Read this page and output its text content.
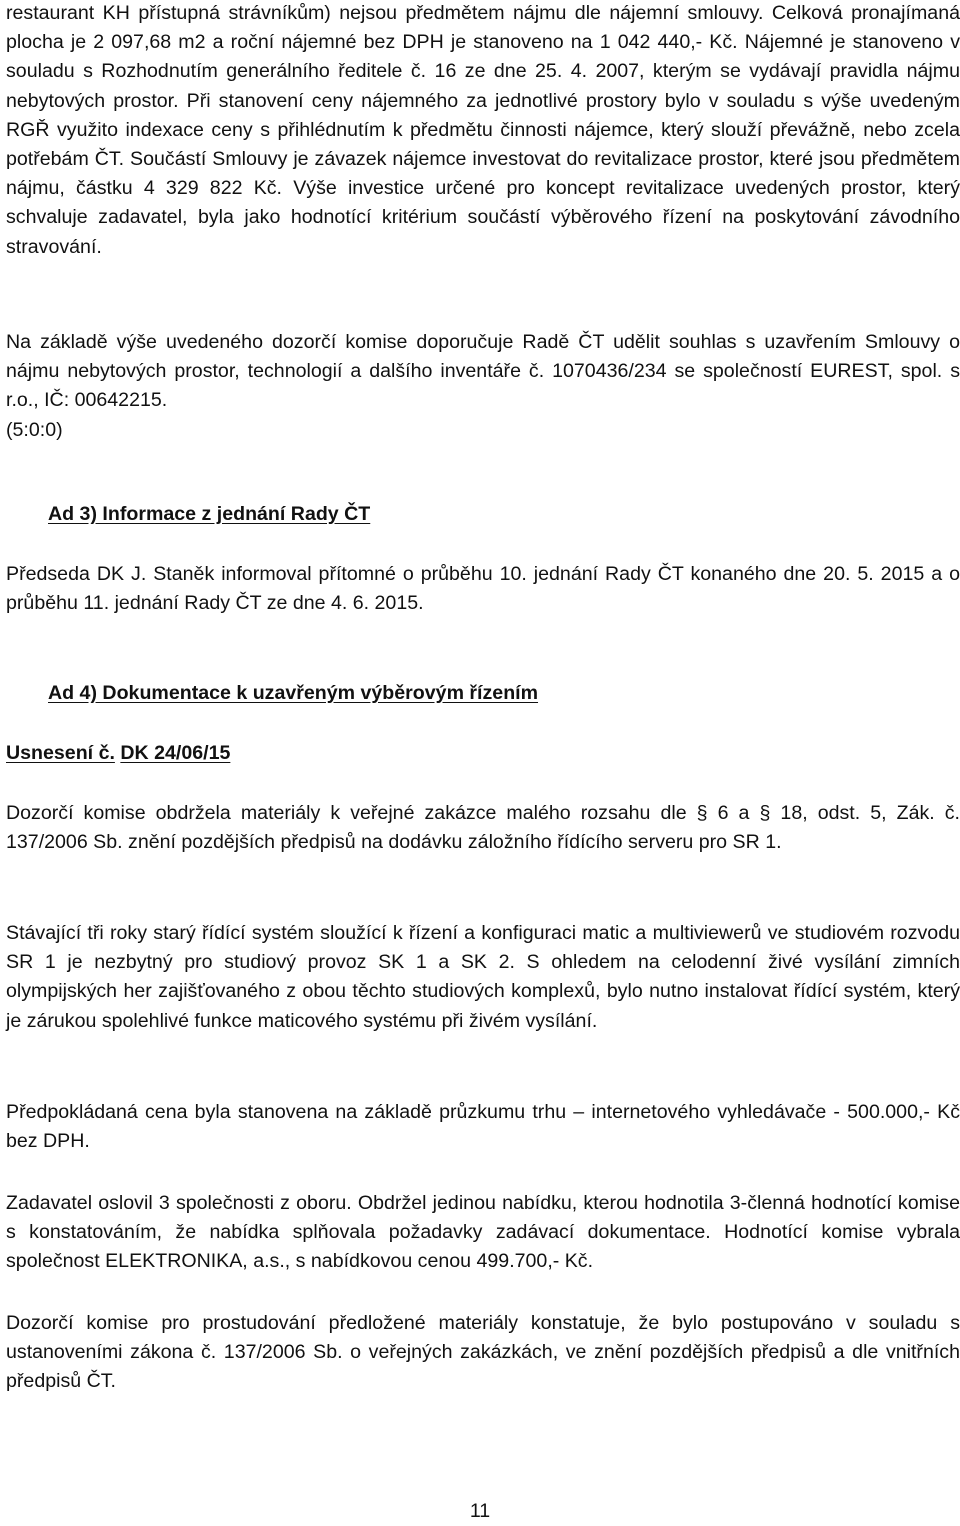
restaurant KH přístupná strávníkům) nejsou předmětem nájmu dle nájemní smlouvy. Celková pronajímaná plocha je 2 097,68 m2 a roční nájemné bez DPH je stanoveno na 1 042 440,- Kč. Nájemné je stanoveno v souladu s Rozhodnutím generálního ředitele č. 16 ze dne 25. 4. 2007, kterým se vydávají pravidla nájmu nebytových prostor. Při stanovení ceny nájemného za jednotlivé prostory bylo v souladu s výše uvedeným RGŘ využito indexace ceny s přihlédnutím k předmětu činnosti nájemce, který slouží převážně, nebo zcela potřebám ČT. Součástí Smlouvy je závazek nájemce investovat do revitalizace prostor, které jsou předmětem nájmu, částku 4 329 822 Kč. Výše investice určené pro koncept revitalizace uvedených prostor, který schvaluje zadavatel, byla jako hodnotící kritérium součástí výběrového řízení na poskytování závodního stravování.

Na základě výše uvedeného dozorčí komise doporučuje Radě ČT udělit souhlas s uzavřením Smlouvy o nájmu nebytových prostor, technologií a dalšího inventáře č. 1070436/234 se společností EUREST, spol. s r.o., IČ: 00642215.

(5:0:0)
Ad 3) Informace z jednání Rady ČT

Předseda DK J. Staněk informoval přítomné o průběhu 10. jednání Rady ČT konaného dne 20. 5. 2015 a o průběhu 11. jednání Rady ČT ze dne 4. 6. 2015.

Ad 4) Dokumentace k uzavřeným výběrovým řízením
Usnesení č. DK 24/06/15

Dozorčí komise obdržela materiály k veřejné zakázce malého rozsahu dle § 6 a § 18, odst. 5, Zák. č. 137/2006 Sb. znění pozdějších předpisů na dodávku záložního řídícího serveru pro SR 1.

Stávající tři roky starý řídící systém sloužící k řízení a konfiguraci matic a multiviewerů ve studiovém rozvodu SR 1 je nezbytný pro studiový provoz SK 1 a SK 2. S ohledem na celodenní živé vysílání zimních olympijských her zajišťovaného z obou těchto studiových komplexů, bylo nutno instalovat řídící systém, který je zárukou spolehlivé funkce maticového systému při živém vysílání.

Předpokládaná cena byla stanovena na základě průzkumu trhu – internetového vyhledávače - 500.000,- Kč bez DPH.

Zadavatel oslovil 3 společnosti z oboru. Obdržel jedinou nabídku, kterou hodnotila 3-členná hodnotící komise s konstatováním, že nabídka splňovala požadavky zadávací dokumentace. Hodnotící komise vybrala společnost ELEKTRONIKA, a.s., s nabídkovou cenou 499.700,- Kč.

Dozorčí komise pro prostudování předložené materiály konstatuje, že bylo postupováno v souladu s ustanoveními zákona č. 137/2006 Sb. o veřejných zakázkách, ve znění pozdějších předpisů a dle vnitřních předpisů ČT.

11
